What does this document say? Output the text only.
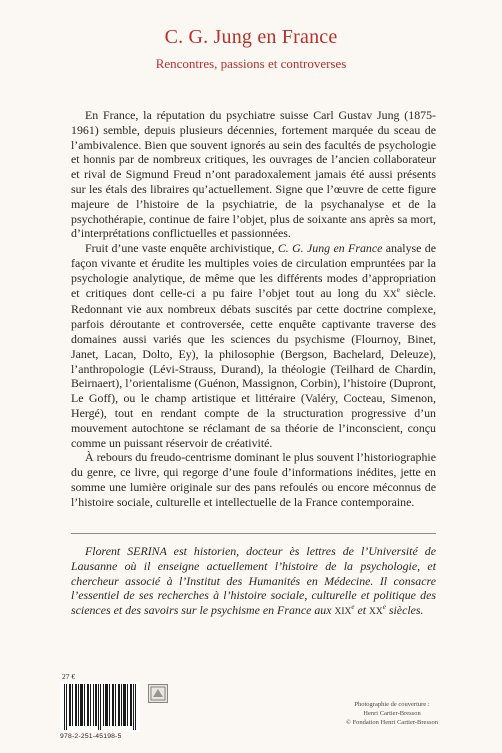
C. G. Jung en France
Rencontres, passions et controverses

En France, la réputation du psychiatre suisse Carl Gustav Jung (1875-1961) semble, depuis plusieurs décennies, fortement marquée du sceau de l’ambivalence. Bien que souvent ignorés au sein des facultés de psychologie et honnis par de nombreux critiques, les ouvrages de l’ancien collaborateur et rival de Sigmund Freud n’ont paradoxalement jamais été aussi présents sur les étals des libraires qu’actuellement. Signe que l’œuvre de cette figure majeure de l’histoire de la psychiatrie, de la psychanalyse et de la psychothérapie, continue de faire l’objet, plus de soixante ans après sa mort, d’interprétations conflictuelles et passionnées.

Fruit d’une vaste enquête archivistique, C. G. Jung en France analyse de façon vivante et érudite les multiples voies de circulation empruntées par la psychologie analytique, de même que les différents modes d’appropriation et critiques dont celle-ci a pu faire l’objet tout au long du XXe siècle. Redonnant vie aux nombreux débats suscités par cette doctrine complexe, parfois déroutante et controversée, cette enquête captivante traverse des domaines aussi variés que les sciences du psychisme (Flournoy, Binet, Janet, Lacan, Dolto, Ey), la philosophie (Bergson, Bachelard, Deleuze), l’anthropologie (Lévi-Strauss, Durand), la théologie (Teilhard de Chardin, Beirnaert), l’orientalisme (Guénon, Massignon, Corbin), l’histoire (Dupront, Le Goff), ou le champ artistique et littéraire (Valéry, Cocteau, Simenon, Hergé), tout en rendant compte de la structuration progressive d’un mouvement autochtone se réclamant de sa théorie de l’inconscient, conçu comme un puissant réservoir de créativité.

À rebours du freudo-centrisme dominant le plus souvent l’historiographie du genre, ce livre, qui regorge d’une foule d’informations inédites, jette en somme une lumière originale sur des pans refoulés ou encore méconnus de l’histoire sociale, culturelle et intellectuelle de la France contemporaine.

Florent SERINA est historien, docteur ès lettres de l’Université de Lausanne où il enseigne actuellement l’histoire de la psychologie, et chercheur associé à l’Institut des Humanités en Médecine. Il consacre l’essentiel de ses recherches à l’histoire sociale, culturelle et politique des sciences et des savoirs sur le psychisme en France aux XIXe et XXe siècles.

27 €
978-2-251-45198-5
Photographie de couverture :
Henri Cartier-Bresson
© Fondation Henri Cartier-Bresson
